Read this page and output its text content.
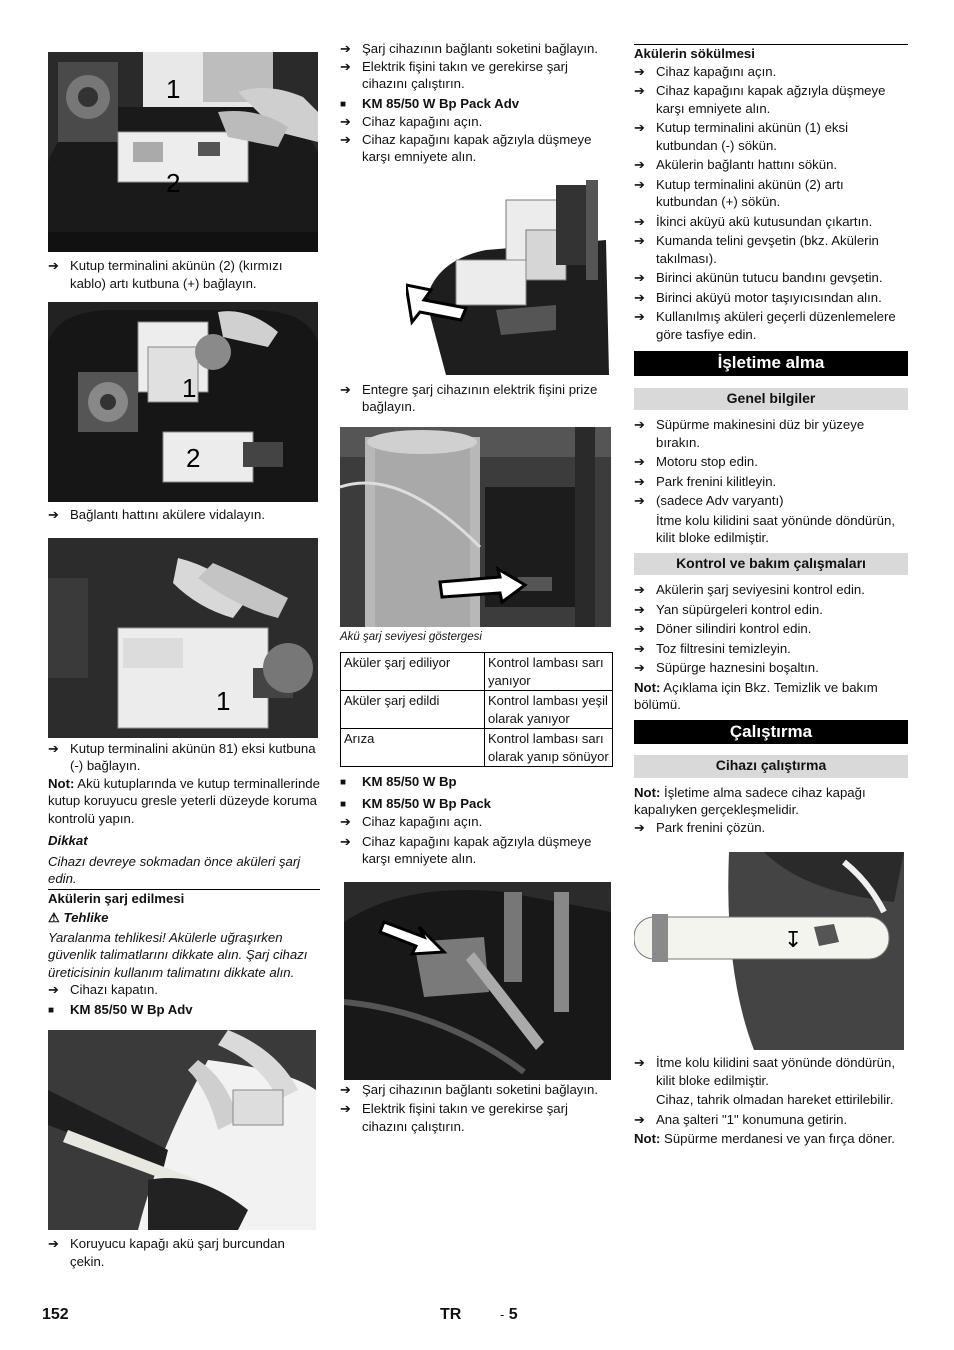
1
2
➔ Kutup terminalini akünün (2) (kırmızı kablo) artı kutbuna (+) bağlayın.
1
2
➔ Bağlantı hattını akülere vidalayın.
1
➔ Kutup terminalini akünün 81) eksi kutbuna (-) bağlayın.

Not: Akü kutuplarında ve kutup terminallerinde kutup koruyucu gresle yeterli düzeyde koruma kontrolü yapın.

Dikkat

Cihazı devreye sokmadan önce aküleri şarj edin.

Akülerin şarj edilmesi

⚠ Tehlike

Yaralanma tehlikesi! Akülerle uğraşırken güvenlik talimatlarını dikkate alın. Şarj cihazı üreticisinin kullanım talimatını dikkate alın.

➔ Cihazı kapatın.
■	KM 85/50 W Bp Adv
➔ Koruyucu kapağı akü şarj burcundan çekin.
➔ Şarj cihazının bağlantı soketini bağlayın.
➔ Elektrik fişini takın ve gerekirse şarj cihazını çalıştırın.
■	KM 85/50 W Bp Pack Adv
➔ Cihaz kapağını açın.
➔ Cihaz kapağını kapak ağzıyla düşmeye karşı emniyete alın.
➔ Entegre şarj cihazının elektrik fişini prize bağlayın.

Akü şarj seviyesi göstergesi

Aküler şarj ediliyor	Kontrol lambası sarı yanıyor
Aküler şarj edildi	Kontrol lambası yeşil olarak yanıyor
Arıza	Kontrol lambası sarı olarak yanıp sönüyor
■	KM 85/50 W Bp
■	KM 85/50 W Bp Pack
➔ Cihaz kapağını açın.
➔ Cihaz kapağını kapak ağzıyla düşmeye karşı emniyete alın.
➔ Şarj cihazının bağlantı soketini bağlayın.
➔ Elektrik fişini takın ve gerekirse şarj cihazını çalıştırın.

Akülerin sökülmesi

➔ Cihaz kapağını açın.
➔ Cihaz kapağını kapak ağzıyla düşmeye karşı emniyete alın.
➔ Kutup terminalini akünün (1) eksi kutbundan (-) sökün.
➔ Akülerin bağlantı hattını sökün.
➔ Kutup terminalini akünün (2) artı kutbundan (+) sökün.
➔ İkinci aküyü akü kutusundan çıkartın.
➔ Kumanda telini gevşetin (bkz. Akülerin takılması).
➔ Birinci akünün tutucu bandını gevşetin.
➔ Birinci aküyü motor taşıyıcısından alın.
➔ Kullanılmış aküleri geçerli düzenlemelere göre tasfiye edin.
İşletime alma
Genel bilgiler
➔ Süpürme makinesini düz bir yüzeye bırakın.
➔ Motoru stop edin.
➔ Park frenini kilitleyin.
➔ (sadece Adv varyantı)

İtme kolu kilidini saat yönünde döndürün, kilit bloke edilmiştir.

Kontrol ve bakım çalışmaları
➔ Akülerin şarj seviyesini kontrol edin.
➔ Yan süpürgeleri kontrol edin.
➔ Döner silindiri kontrol edin.
➔ Toz filtresini temizleyin.
➔ Süpürge haznesini boşaltın.

Not: Açıklama için Bkz. Temizlik ve bakım bölümü.

Çalıştırma
Cihazı çalıştırma

Not: İşletime alma sadece cihaz kapağı kapalıyken gerçekleşmelidir.

➔ Park frenini çözün.
↧
➔ İtme kolu kilidini saat yönünde döndürün, kilit bloke edilmiştir.

Cihaz, tahrik olmadan hareket ettirilebilir.

➔ Ana şalteri "1" konumuna getirin.

Not: Süpürme merdanesi ve yan fırça döner.

152	TR	- 5
